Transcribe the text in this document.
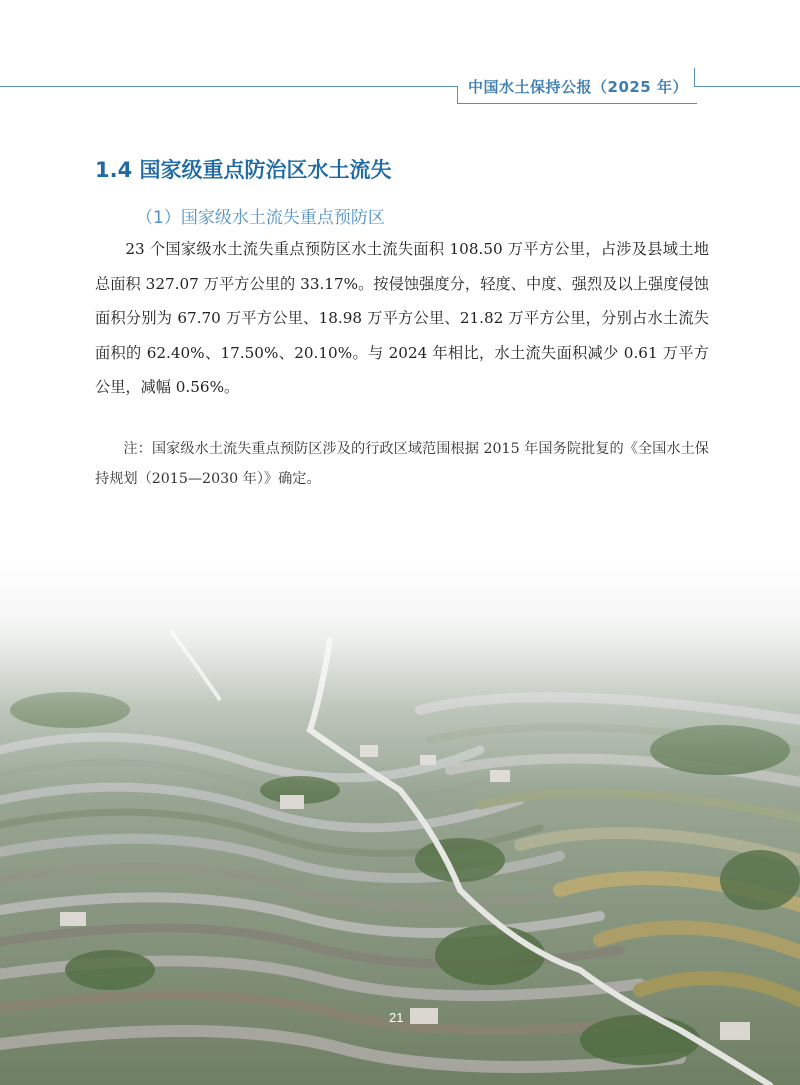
中国水土保持公报（2025 年）
1.4 国家级重点防治区水土流失
（1）国家级水土流失重点预防区

23 个国家级水土流失重点预防区水土流失面积 108.50 万平方公里，占涉及县域土地总面积 327.07 万平方公里的 33.17%。按侵蚀强度分，轻度、中度、强烈及以上强度侵蚀面积分别为 67.70 万平方公里、18.98 万平方公里、21.82 万平方公里，分别占水土流失面积的 62.40%、17.50%、20.10%。与 2024 年相比，水土流失面积减少 0.61 万平方公里，减幅 0.56%。

注：国家级水土流失重点预防区涉及的行政区域范围根据 2015 年国务院批复的《全国水土保持规划（2015—2030 年）》确定。

21
